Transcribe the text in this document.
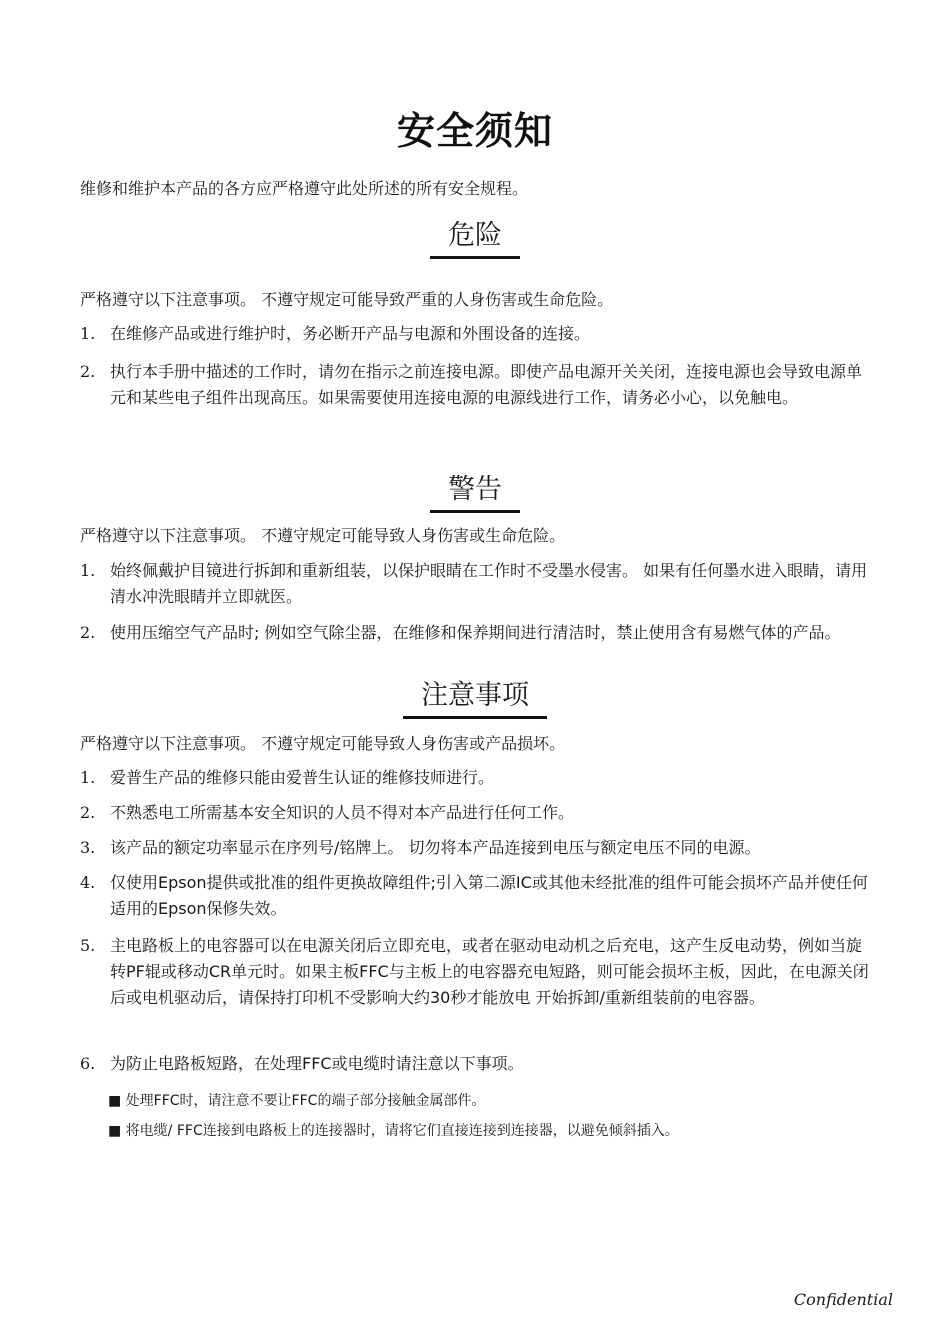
安全须知
维修和维护本产品的各方应严格遵守此处所述的所有安全规程。
危险
严格遵守以下注意事项。 不遵守规定可能导致严重的人身伤害或生命危险。
1. 在维修产品或进行维护时，务必断开产品与电源和外围设备的连接。
2. 执行本手册中描述的工作时，请勿在指示之前连接电源。即使产品电源开关关闭，连接电源也会导致电源单元和某些电子组件出现高压。如果需要使用连接电源的电源线进行工作，请务必小心，以免触电。
警告
严格遵守以下注意事项。 不遵守规定可能导致人身伤害或生命危险。
1. 始终佩戴护目镜进行拆卸和重新组装，以保护眼睛在工作时不受墨水侵害。 如果有任何墨水进入眼睛，请用清水冲洗眼睛并立即就医。
2. 使用压缩空气产品时; 例如空气除尘器，在维修和保养期间进行清洁时，禁止使用含有易燃气体的产品。
注意事项
严格遵守以下注意事项。 不遵守规定可能导致人身伤害或产品损坏。
1. 爱普生产品的维修只能由爱普生认证的维修技师进行。
2. 不熟悉电工所需基本安全知识的人员不得对本产品进行任何工作。
3. 该产品的额定功率显示在序列号/铭牌上。 切勿将本产品连接到电压与额定电压不同的电源。
4. 仅使用Epson提供或批准的组件更换故障组件;引入第二源IC或其他未经批准的组件可能会损坏产品并使任何适用的Epson保修失效。
5. 主电路板上的电容器可以在电源关闭后立即充电，或者在驱动电动机之后充电，这产生反电动势，例如当旋转PF辊或移动CR单元时。如果主板FFC与主板上的电容器充电短路，则可能会损坏主板，因此，在电源关闭后或电机驱动后，请保持打印机不受影响大约30秒才能放电 开始拆卸/重新组装前的电容器。
6. 为防止电路板短路，在处理FFC或电缆时请注意以下事项。
■ 处理FFC时，请注意不要让FFC的端子部分接触金属部件。
■ 将电缆/ FFC连接到电路板上的连接器时，请将它们直接连接到连接器，以避免倾斜插入。
Confidential
